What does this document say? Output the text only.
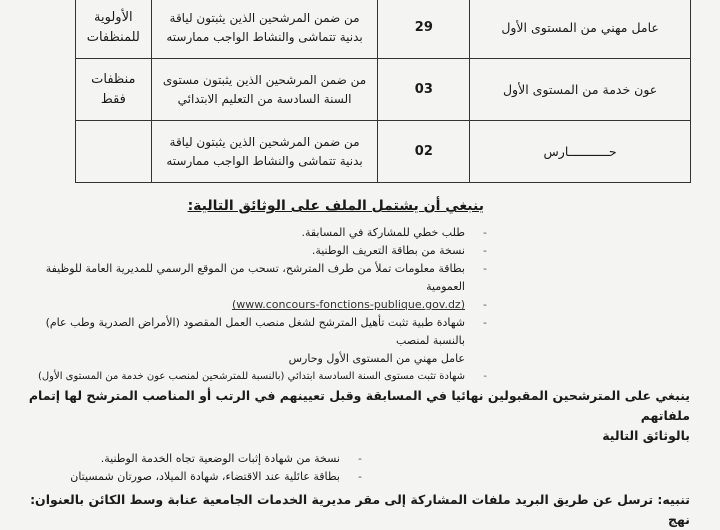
عامل مهني من المستوى الأول	29	من ضمن المرشحين الذين يثبتون لياقة بدنية تتماشى والنشاط الواجب ممارسته	الأولوية للمنظفات
عون خدمة من المستوى الأول	03	من ضمن المرشحين الذين يثبتون مستوى السنة السادسة من التعليم الابتدائي	منظفات فقط
حـــــــــــارس	02	من ضمن المرشحين الذين يثبتون لياقة بدنية تتماشى والنشاط الواجب ممارسته	
ينبغي أن يشتمل الملف على الوثائق التالية:
- طلب خطي للمشاركة في المسابقة.
- نسخة من بطاقة التعريف الوطنية.
- بطاقة معلومات تملأ من طرف المترشح، تسحب من الموقع الرسمي للمديرية العامة للوظيفة العمومية
- (www.concours-fonctions-publique.gov.dz)
- شهادة طبية تثبت تأهيل المترشح لشغل منصب العمل المقصود (الأمراض الصدرية وطب عام) بالنسبة لمنصب
عامل مهني من المستوى الأول وحارس
- شهادة تثبت مستوى السنة السادسة ابتدائي (بالنسبة للمترشحين لمنصب عون خدمة من المستوى الأول)
ينبغي على المترشحين المقبولين نهائيا في المسابقة وقبل تعيينهم في الرتب أو المناصب المترشح لها إتمام ملفاتهم
بالوثائق التالية
- نسخة من شهادة إثبات الوضعية تجاه الخدمة الوطنية.
- بطاقة عائلية عند الاقتضاء، شهادة الميلاد، صورتان شمسيتان
تنبيه: ترسل عن طريق البريد ملفات المشاركة إلى مقر مديرية الخدمات الجامعية عنابة وسط الكائن بالعنوان: نهج
